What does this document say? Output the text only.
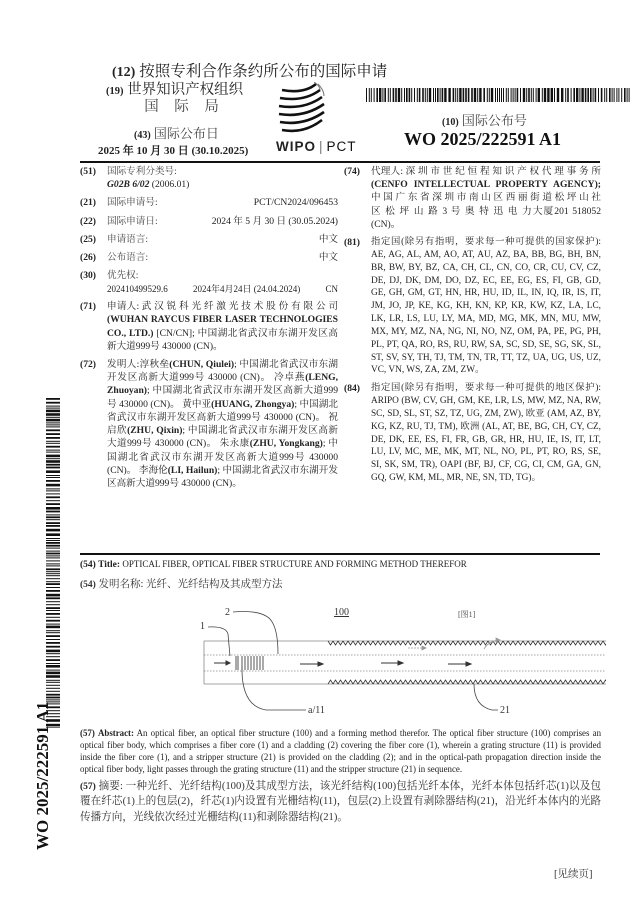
(12) 按照专利合作条约所公布的国际申请
(19) 世界知识产权组织
国 际 局
(43) 国际公布日
2025 年 10 月 30 日 (30.10.2025) WIPO | PCT
(10) 国际公布号
WO 2025/222591 A1
(51)	国际专利分类号:
G02B 6/02 (2006.01)
(21)	国际申请号:	PCT/CN2024/096453
(22)	国际申请日:	2024 年 5 月 30 日 (30.05.2024)
(25)	申请语言:	中文
(26)	公布语言:	中文
(30)	优先权:
202410499529.6	2024年4月24日 (24.04.2024)	CN
(71)	申请人: 武 汉 锐 科 光 纤 激 光 技 术 股 份 有 限 公 司 (WUHAN RAYCUS FIBER LASER TECHNOLOGIES CO., LTD.) [CN/CN]; 中国湖北省武汉市东湖开发区高新大道999号 430000 (CN)。
(72)	发明人:淳秋垒(CHUN, Qiulei); 中国湖北省武汉市东湖开发区高新大道999号 430000 (CN)。 冷卓燕(LENG, Zhuoyan); 中国湖北省武汉市东湖开发区高新大道999号 430000 (CN)。 黄中亚(HUANG, Zhongya); 中国湖北省武汉市东湖开发区高新大道999号 430000 (CN)。 祝启欣(ZHU, Qixin); 中国湖北省武汉市东湖开发区高新大道999号 430000 (CN)。 朱永康(ZHU, Yongkang); 中国湖北省武汉市东湖开发区高新大道999号 430000 (CN)。 李海伦(LI, Hailun); 中国湖北省武汉市东湖开发区高新大道999号 430000 (CN)。
(74)	代理人: 深 圳 市 世 纪 恒 程 知 识 产 权 代 理 事 务 所 (CENFO INTELLECTUAL PROPERTY AGENCY); 中 国 广 东 省 深 圳 市 南 山 区 西 丽 街 道 松 坪 山 社 区 松 坪 山 路 3 号 奥 特 迅 电 力大厦201 518052 (CN)。
(81)	指定国(除另有指明，要求每一种可提供的国家保护): AE, AG, AL, AM, AO, AT, AU, AZ, BA, BB, BG, BH, BN, BR, BW, BY, BZ, CA, CH, CL, CN, CO, CR, CU, CV, CZ, DE, DJ, DK, DM, DO, DZ, EC, EE, EG, ES, FI, GB, GD, GE, GH, GM, GT, HN, HR, HU, ID, IL, IN, IQ, IR, IS, IT, JM, JO, JP, KE, KG, KH, KN, KP, KR, KW, KZ, LA, LC, LK, LR, LS, LU, LY, MA, MD, MG, MK, MN, MU, MW, MX, MY, MZ, NA, NG, NI, NO, NZ, OM, PA, PE, PG, PH, PL, PT, QA, RO, RS, RU, RW, SA, SC, SD, SE, SG, SK, SL, ST, SV, SY, TH, TJ, TM, TN, TR, TT, TZ, UA, UG, US, UZ, VC, VN, WS, ZA, ZM, ZW。
(84)	指定国(除另有指明，要求每一种可提供的地区保护): ARIPO (BW, CV, GH, GM, KE, LR, LS, MW, MZ, NA, RW, SC, SD, SL, ST, SZ, TZ, UG, ZM, ZW), 欧亚 (AM, AZ, BY, KG, KZ, RU, TJ, TM), 欧洲 (AL, AT, BE, BG, CH, CY, CZ, DE, DK, EE, ES, FI, FR, GB, GR, HR, HU, IE, IS, IT, LT, LU, LV, MC, ME, MK, MT, NL, NO, PL, PT, RO, RS, SE, SI, SK, SM, TR), OAPI (BF, BJ, CF, CG, CI, CM, GA, GN, GQ, GW, KM, ML, MR, NE, SN, TD, TG)。
(54) Title: OPTICAL FIBER, OPTICAL FIBER STRUCTURE AND FORMING METHOD THEREFOR
(54) 发明名称: 光纤、光纤结构及其成型方法
1
2	100	[图1]
a/11	21
(57) Abstract: An optical fiber, an optical fiber structure (100) and a forming method therefor. The optical fiber structure (100) comprises an optical fiber body, which comprises a fiber core (1) and a cladding (2) covering the fiber core (1), wherein a grating structure (11) is provided inside the fiber core (1), and a stripper structure (21) is provided on the cladding (2); and in the optical-path propagation direction inside the optical fiber body, light passes through the grating structure (11) and the stripper structure (21) in sequence.
(57) 摘要: 一种光纤、光纤结构(100)及其成型方法，该光纤结构(100)包括光纤本体，光纤本体包括纤芯(1)以及包覆在纤芯(1)上的包层(2)，纤芯(1)内设置有光栅结构(11)，包层(2)上设置有剥除器结构(21)，沿光纤本体内的光路传播方向，光线依次经过光栅结构(11)和剥除器结构(21)。
[见续页]
WO 2025/222591 A1
